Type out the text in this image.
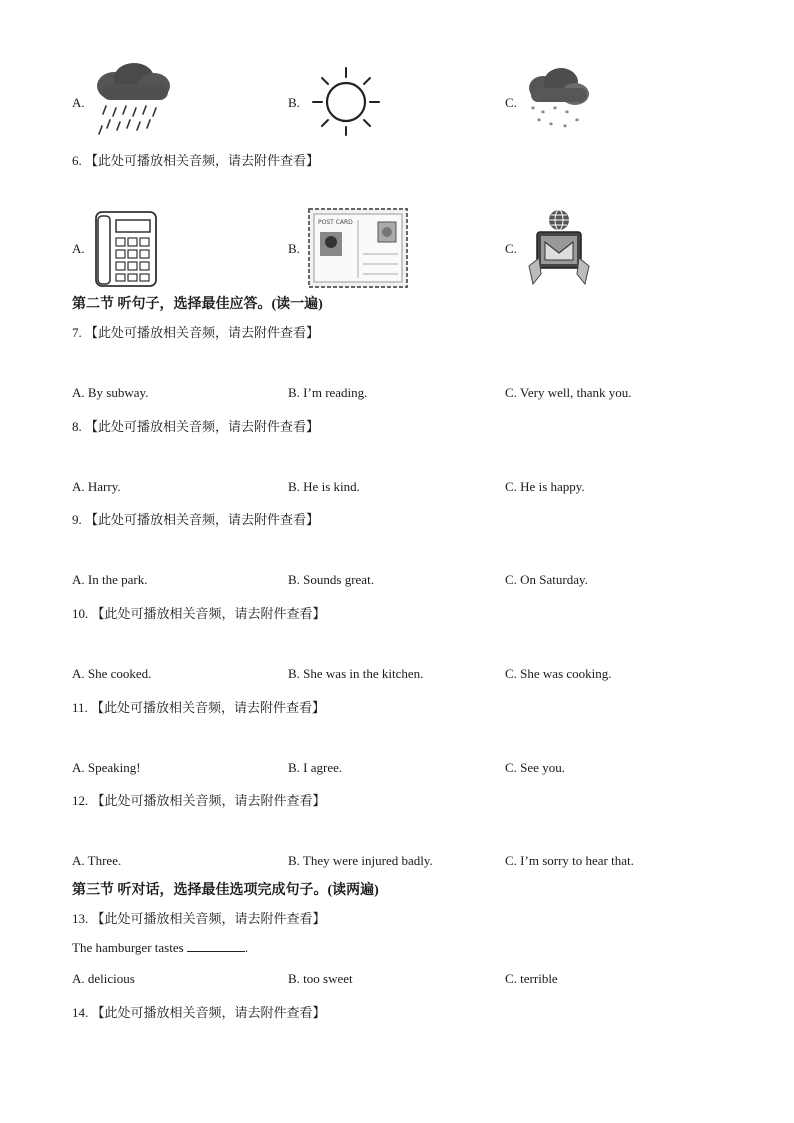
A.	B.	C. * * * *
* * *
*
6. 【此处可播放相关音频，请去附件查看】
A.	B.
POST CARD
C.
第二节 听句子，选择最佳应答。(读一遍)
7. 【此处可播放相关音频，请去附件查看】
A. By subway.	B. I’m reading.	C. Very well, thank you.
8. 【此处可播放相关音频，请去附件查看】
A. Harry.	B. He is kind.	C. He is happy.
9. 【此处可播放相关音频，请去附件查看】
A. In the park.	B. Sounds great.	C. On Saturday.
10. 【此处可播放相关音频，请去附件查看】
A. She cooked.	B. She was in the kitchen.	C. She was cooking.
11. 【此处可播放相关音频，请去附件查看】
A. Speaking!	B. I agree.	C. See you.
12. 【此处可播放相关音频，请去附件查看】
A. Three.	B. They were injured badly.	C. I’m sorry to hear that.
第三节 听对话，选择最佳选项完成句子。(读两遍)
13. 【此处可播放相关音频，请去附件查看】
The hamburger tastes	.
A. delicious	B. too sweet	C. terrible
14. 【此处可播放相关音频，请去附件查看】
